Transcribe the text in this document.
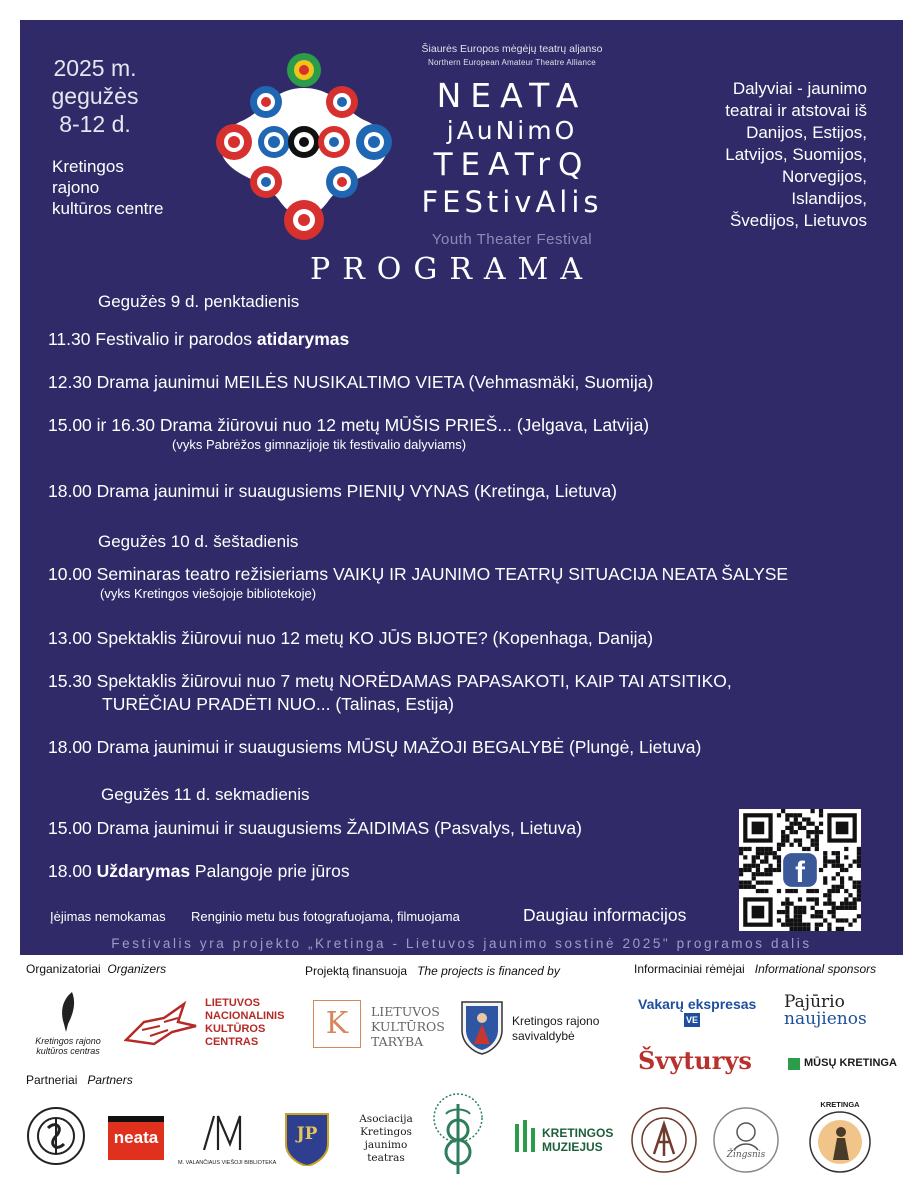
2025 m.
gegužės
8-12 d.
Kretingos
rajono
kultūros centre
Šiaurės Europos mėgėjų teatrų aljanso
Northern European Amateur Theatre Alliance
NEATA
jAuNimO
TEATrQ
FEStivAlis
Youth Theater Festival
PROGRAMA
Dalyviai - jaunimo
teatrai ir atstovai iš
Danijos, Estijos,
Latvijos, Suomijos,
Norvegijos,
Islandijos,
Švedijos, Lietuvos
Gegužės 9 d. penktadienis
11.30 Festivalio ir parodos atidarymas
12.30 Drama jaunimui MEILĖS NUSIKALTIMO VIETA (Vehmasmäki, Suomija)
15.00 ir 16.30 Drama žiūrovui nuo 12 metų MŪŠIS PRIEŠ... (Jelgava, Latvija)
(vyks Pabrėžos gimnazijoje tik festivalio dalyviams)
18.00 Drama jaunimui ir suaugusiems PIENIŲ VYNAS (Kretinga, Lietuva)
Gegužės 10 d. šeštadienis
10.00 Seminaras teatro režisieriams VAIKŲ IR JAUNIMO TEATRŲ SITUACIJA NEATA ŠALYSE
(vyks Kretingos viešojoje bibliotekoje)
13.00 Spektaklis žiūrovui nuo 12 metų KO JŪS BIJOTE? (Kopenhaga, Danija)
15.30 Spektaklis žiūrovui nuo 7 metų NORĖDAMAS PAPASAKOTI, KAIP TAI ATSITIKO,
TURĖČIAU PRADĖTI NUO... (Talinas, Estija)
18.00 Drama jaunimui ir suaugusiems MŪSŲ MAŽOJI BEGALYBĖ (Plungė, Lietuva)
Gegužės 11 d. sekmadienis
15.00 Drama jaunimui ir suaugusiems ŽAIDIMAS (Pasvalys, Lietuva)
18.00 Uždarymas Palangoje prie jūros
Įėjimas nemokamas Renginio metu bus fotografuojama, filmuojama	Daugiau informacijos
f
Festivalis yra projekto „Kretinga - Lietuvos jaunimo sostinė 2025" programos dalis
Organizatoriai Organizers	Projektą finansuoja The projects is financed by	Informaciniai rėmėjai Informational sponsors
Kretingos rajono
kultūros centras
LIETUVOS
NACIONALINIS
KULTŪROS
CENTRAS
K	LIETUVOS
KULTŪROS
TARYBA
Kretingos rajono
savivaldybė
Vakarų ekspresas
VE
Pajūrio
naujienos
Švyturys	MŪSŲ KRETINGA
Partneriai Partners
neata
M. VALANČIAUS VIEŠOJI BIBLIOTEKA
JP
Asociacija
Kretingos
jaunimo
teatras
KRETINGOS
MUZIEJUS
Žingsnis
KRETINGA
